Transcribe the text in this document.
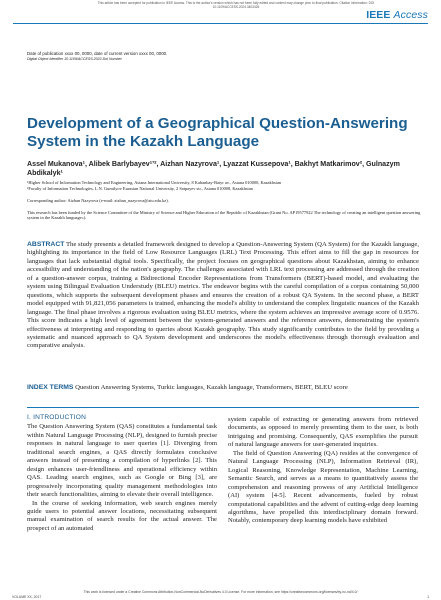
This article has been accepted for publication in IEEE Access. This is the author's version which has not been fully edited and content may change prior to final publication. Citation information: DOI 10.1109/ACCESS.2024.3403426
IEEE Access
Date of publication xxxx 00, 0000, date of current version xxxx 00, 0000.
Digital Object Identifier 10.1109/ACCESS.2022.Doi Number
Development of a Geographical Question-Answering System in the Kazakh Language
Assel Mukanova¹, Alibek Barlybayev¹ʼ², Aizhan Nazyrova¹, Lyazzat Kussepova¹, Bakhyt Matkarimov², Gulnazym Abdikalyk¹
¹Higher School of Information Technology and Engineering, Astana International University, 8 Kabanbay-Batyr av., Astana 010000, Kazakhstan
²Faculty of Information Technologies, L.N. Gumilyov Eurasian National University, 2 Satpayev str., Astana 010008, Kazakhstan
Corresponding author: Aizhan Nazyrova (e-mail: aizhan_nazyrova@aiu.edu.kz).
This research has been funded by the Science Committee of the Ministry of Science and Higher Education of the Republic of Kazakhstan (Grant No. AP19577922 The technology of creating an intelligent question answering system in the Kazakh language»).
ABSTRACT The study presents a detailed framework designed to develop a Question-Answering System (QA System) for the Kazakh language, highlighting its importance in the field of Low Resource Languages (LRL) Text Processing. This effort aims to fill the gap in resources for languages that lack substantial digital tools. Specifically, the project focuses on geographical questions about Kazakhstan, aiming to enhance accessibility and understanding of the nation's geography. The challenges associated with LRL text processing are addressed through the creation of a question-answer corpus, training a Bidirectional Encoder Representations from Transformers (BERT)-based model, and evaluating the system using Bilingual Evaluation Understudy (BLEU) metrics. The endeavor begins with the careful compilation of a corpus containing 50,000 questions, which supports the subsequent development phases and ensures the creation of a robust QA System. In the second phase, a BERT model equipped with 91,821,056 parameters is trained, enhancing the model's ability to understand the complex linguistic nuances of the Kazakh language. The final phase involves a rigorous evaluation using BLEU metrics, where the system achieves an impressive average score of 0.9576. This score indicates a high level of agreement between the system-generated answers and the reference answers, demonstrating the system's effectiveness at interpreting and responding to queries about Kazakh geography. This study significantly contributes to the field by providing a systematic and nuanced approach to QA System development and underscores the model's effectiveness through thorough evaluation and comparative analysis.
INDEX TERMS Question Answering Systems, Turkic languages, Kazakh language, Transformers, BERT, BLEU score
I. INTRODUCTION

The Question Answering System (QAS) constitutes a fundamental task within Natural Language Processing (NLP), designed to furnish precise responses in natural language to user queries [1]. Diverging from traditional search engines, a QAS directly formulates conclusive answers instead of presenting a compilation of hyperlinks [2]. This design enhances user-friendliness and operational efficiency within QAS. Leading search engines, such as Google or Bing [3], are progressively incorporating quality management methodologies into their search functionalities, aiming to elevate their overall intelligence.

In the course of seeking information, web search engines merely guide users to potential answer locations, necessitating subsequent manual examination of search results for the actual answer. The prospect of an automated

system capable of extracting or generating answers from retrieved documents, as opposed to merely presenting them to the user, is both intriguing and promising. Consequently, QAS exemplifies the pursuit of natural language answers for user-generated inquiries.

The field of Question Answering (QA) resides at the convergence of Natural Language Processing (NLP), Information Retrieval (IR), Logical Reasoning, Knowledge Representation, Machine Learning, Semantic Search, and serves as a means to quantitatively assess the comprehension and reasoning prowess of any Artificial Intelligence (AI) system [4-5]. Recent advancements, fueled by robust computational capabilities and the advent of cutting-edge deep learning algorithms, have propelled this interdisciplinary domain forward. Notably, contemporary deep learning models have exhibited

VOLUME XX, 2017
This work is licensed under a Creative Commons Attribution-NonCommercial-NoDerivatives 4.0 License. For more information, see https://creativecommons.org/licenses/by-nc-nd/4.0/
1
